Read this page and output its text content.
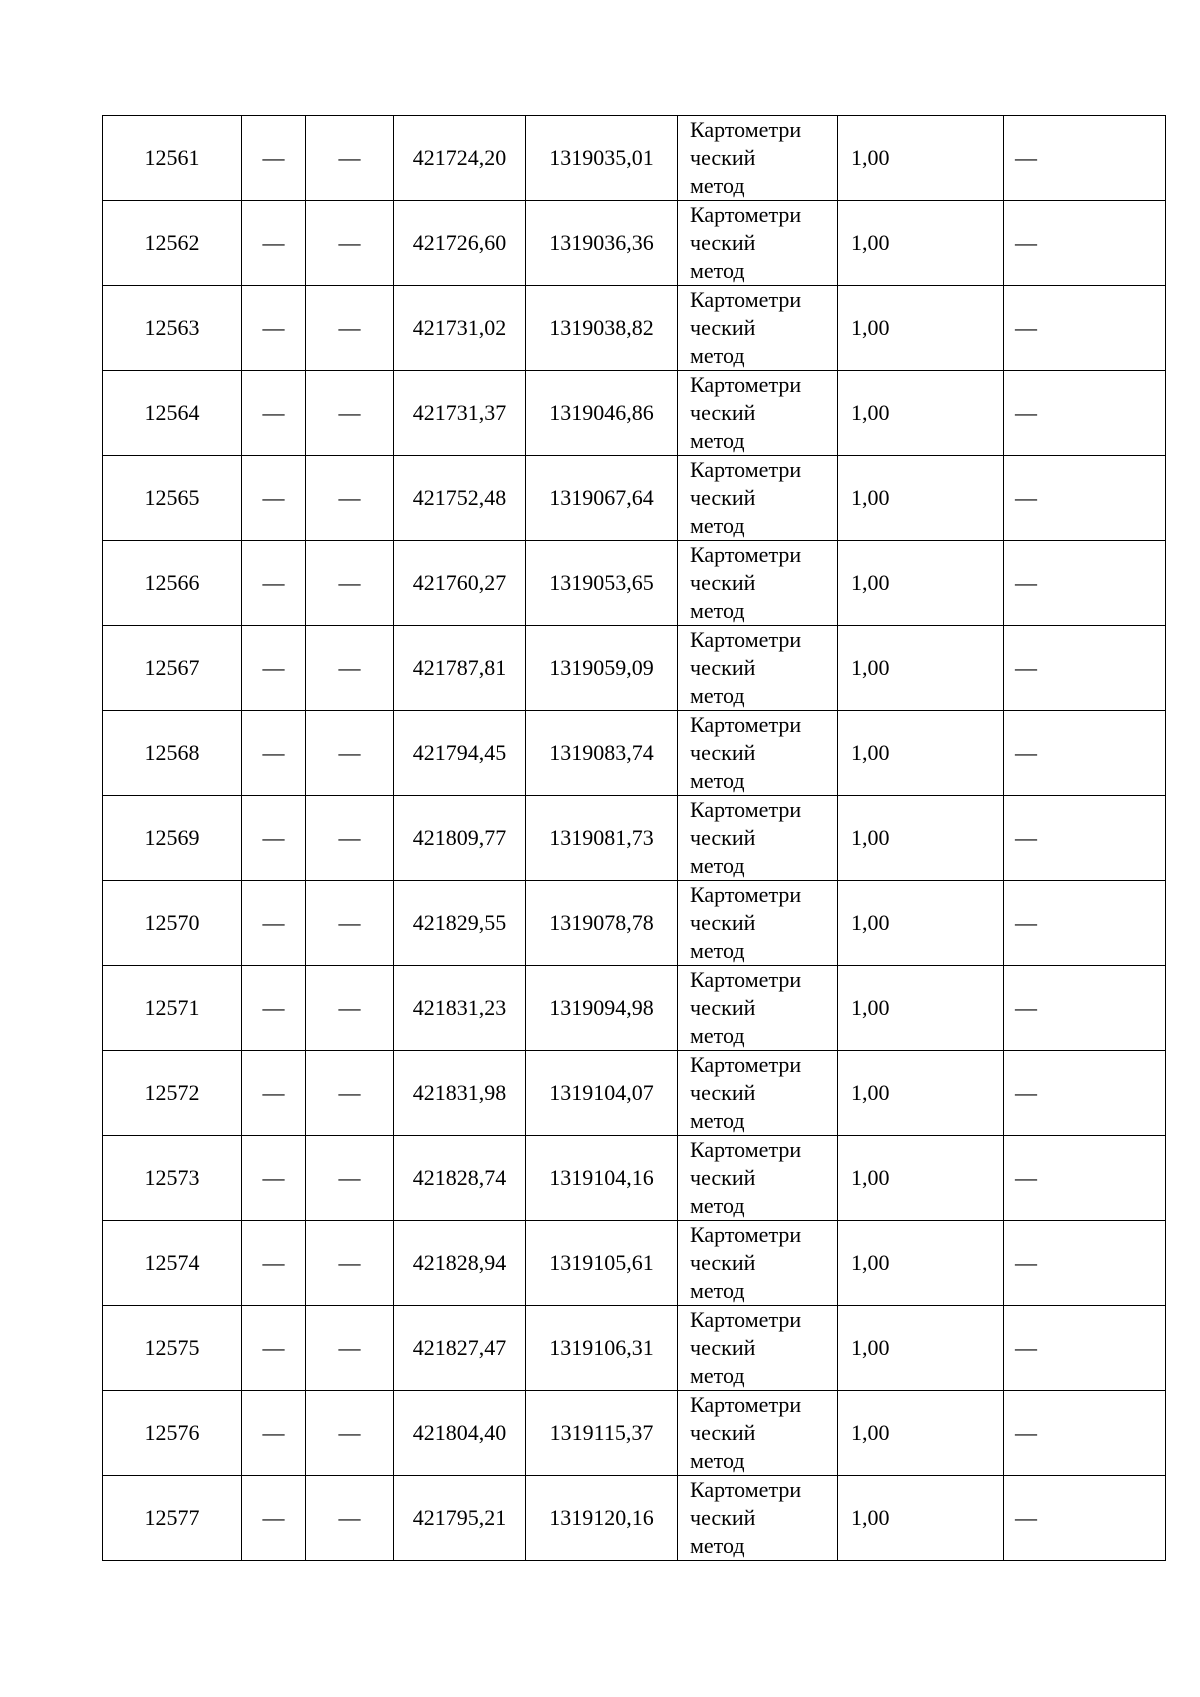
12561	—	—	421724,20	1319035,01	Картометри
ческий
метод	1,00	—
12562	—	—	421726,60	1319036,36	Картометри
ческий
метод	1,00	—
12563	—	—	421731,02	1319038,82	Картометри
ческий
метод	1,00	—
12564	—	—	421731,37	1319046,86	Картометри
ческий
метод	1,00	—
12565	—	—	421752,48	1319067,64	Картометри
ческий
метод	1,00	—
12566	—	—	421760,27	1319053,65	Картометри
ческий
метод	1,00	—
12567	—	—	421787,81	1319059,09	Картометри
ческий
метод	1,00	—
12568	—	—	421794,45	1319083,74	Картометри
ческий
метод	1,00	—
12569	—	—	421809,77	1319081,73	Картометри
ческий
метод	1,00	—
12570	—	—	421829,55	1319078,78	Картометри
ческий
метод	1,00	—
12571	—	—	421831,23	1319094,98	Картометри
ческий
метод	1,00	—
12572	—	—	421831,98	1319104,07	Картометри
ческий
метод	1,00	—
12573	—	—	421828,74	1319104,16	Картометри
ческий
метод	1,00	—
12574	—	—	421828,94	1319105,61	Картометри
ческий
метод	1,00	—
12575	—	—	421827,47	1319106,31	Картометри
ческий
метод	1,00	—
12576	—	—	421804,40	1319115,37	Картометри
ческий
метод	1,00	—
12577	—	—	421795,21	1319120,16	Картометри
ческий
метод	1,00	—
